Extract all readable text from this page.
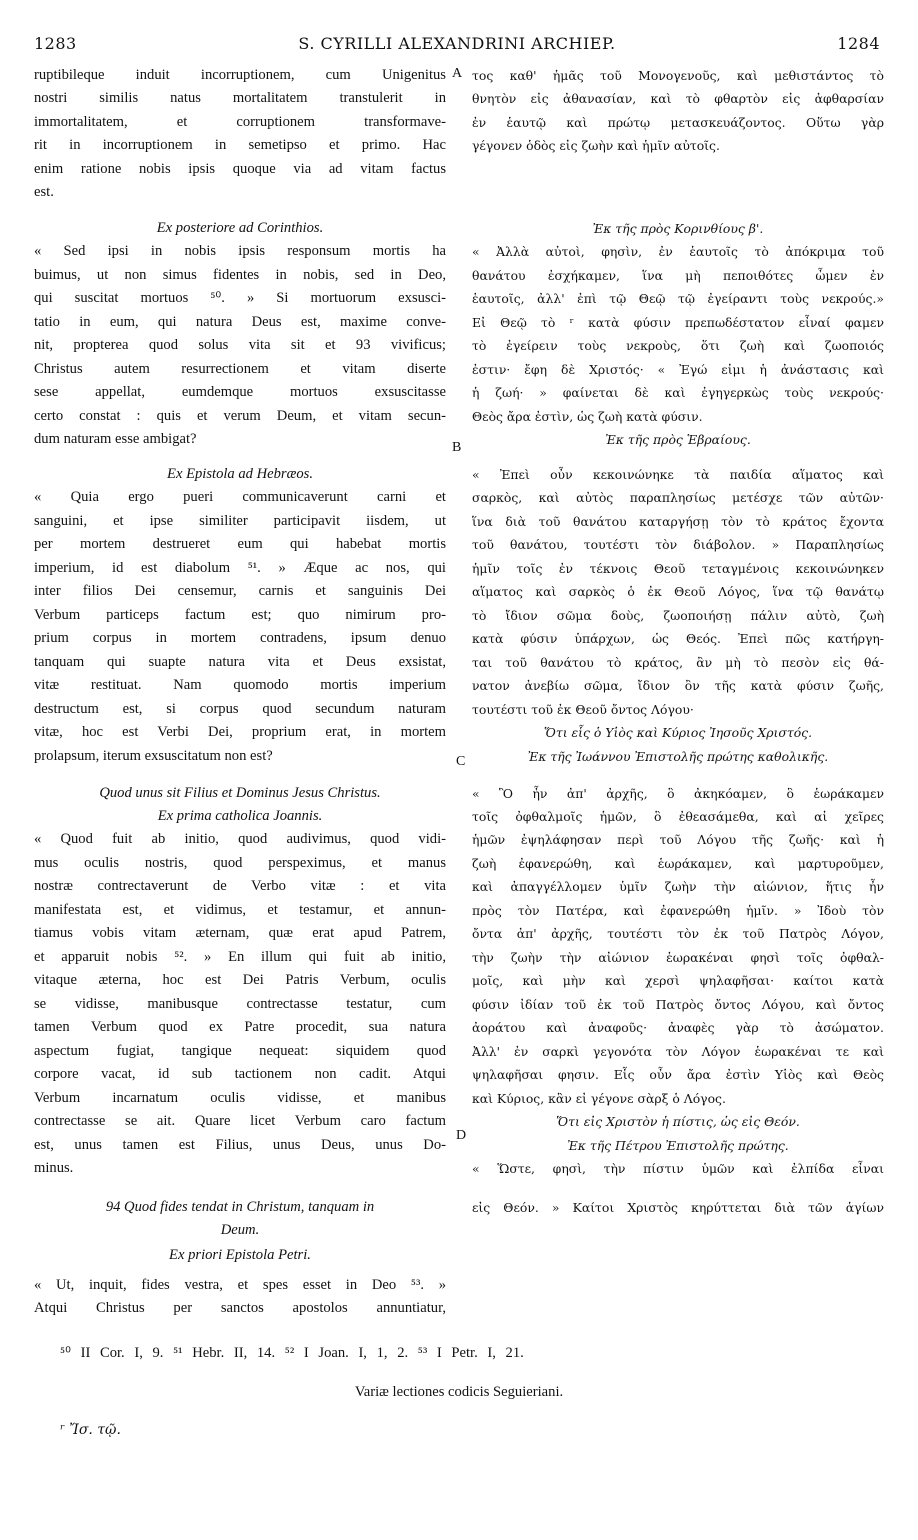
1283	S. CYRILLI ALEXANDRINI ARCHIEP.	1284
ruptibileque induit incorruptionem, cum Unigenitus
nostri similis natus mortalitatem transtulerit in
immortalitatem, et corruptionem transformave-
rit in incorruptionem in semetipso et primo. Hac
enim ratione nobis ipsis quoque via ad vitam factus
est.
Ex posteriore ad Corinthios.
« Sed ipsi in nobis ipsis responsum mortis ha
buimus, ut non simus fidentes in nobis, sed in Deo,
qui suscitat mortuos ⁵⁰. » Si mortuorum exsusci-
tatio in eum, qui natura Deus est, maxime conve-
nit, propterea quod solus vita sit et 93 vivificus;
Christus autem resurrectionem et vitam diserte
sese appellat, eumdemque mortuos exsuscitasse
certo constat : quis et verum Deum, et vitam secun-
dum naturam esse ambigat?
Ex Epistola ad Hebræos.
« Quia ergo pueri communicaverunt carni et
sanguini, et ipse similiter participavit iisdem, ut
per mortem destrueret eum qui habebat mortis
imperium, id est diabolum ⁵¹. » Æque ac nos, qui
inter filios Dei censemur, carnis et sanguinis Dei
Verbum particeps factum est; quo nimirum pro-
prium corpus in mortem contradens, ipsum denuo
tanquam qui suapte natura vita et Deus exsistat,
vitæ restituat. Nam quomodo mortis imperium
destructum est, si corpus quod secundum naturam
vitæ, hoc est Verbi Dei, proprium erat, in mortem
prolapsum, iterum exsuscitatum non est?
Quod unus sit Filius et Dominus Jesus Christus.
Ex prima catholica Joannis.
« Quod fuit ab initio, quod audivimus, quod vidi-
mus oculis nostris, quod perspeximus, et manus
nostræ contrectaverunt de Verbo vitæ : et vita
manifestata est, et vidimus, et testamur, et annun-
tiamus vobis vitam æternam, quæ erat apud Patrem,
et apparuit nobis ⁵². » En illum qui fuit ab initio,
vitaque æterna, hoc est Dei Patris Verbum, oculis
se vidisse, manibusque contrectasse testatur, cum
tamen Verbum quod ex Patre procedit, sua natura
aspectum fugiat, tangique nequeat: siquidem quod
corpore vacat, id sub tactionem non cadit. Atqui
Verbum incarnatum oculis vidisse, et manibus
contrectasse se ait. Quare licet Verbum caro factum
est, unus tamen est Filius, unus Deus, unus Do-
minus.
94 Quod fides tendat in Christum, tanquam in
Deum.
Ex priori Epistola Petri.
« Ut, inquit, fides vestra, et spes esset in Deo ⁵³. »
Atqui Christus per sanctos apostolos annuntiatur,
τος καθ' ἡμᾶς τοῦ Μονογενοῦς, καὶ μεθιστάντος τὸ
θνητὸν εἰς ἀθανασίαν, καὶ τὸ φθαρτὸν εἰς ἀφθαρσίαν
ἐν ἑαυτῷ καὶ πρώτῳ μετασκευάζοντος. Οὕτω γὰρ
γέγονεν ὁδὸς εἰς ζωὴν καὶ ἡμῖν αὐτοῖς.
Ἐκ τῆς πρὸς Κορινθίους β'.
« Ἀλλὰ αὐτοὶ, φησὶν, ἐν ἑαυτοῖς τὸ ἀπόκριμα τοῦ
θανάτου ἐσχήκαμεν, ἵνα μὴ πεποιθότες ὦμεν ἐν
ἑαυτοῖς, ἀλλ' ἐπὶ τῷ Θεῷ τῷ ἐγείραντι τοὺς νεκρούς.»
Εἰ Θεῷ τὸ ʳ κατὰ φύσιν πρεπωδέστατον εἶναί φαμεν
τὸ ἐγείρειν τοὺς νεκροὺς, ὅτι ζωὴ καὶ ζωοποιός
ἐστιν· ἔφη δὲ Χριστός· « Ἐγώ εἰμι ἡ ἀνάστασις καὶ
ἡ ζωή· » φαίνεται δὲ καὶ ἐγηγερκὼς τοὺς νεκρούς·
Θεὸς ἄρα ἐστὶν, ὡς ζωὴ κατὰ φύσιν.
Ἐκ τῆς πρὸς Ἑβραίους.
« Ἐπεὶ οὖν κεκοινώνηκε τὰ παιδία αἵματος καὶ
σαρκὸς, καὶ αὐτὸς παραπλησίως μετέσχε τῶν αὐτῶν·
ἵνα διὰ τοῦ θανάτου καταργήσῃ τὸν τὸ κράτος ἔχοντα
τοῦ θανάτου, τουτέστι τὸν διάβολον. » Παραπλησίως
ἡμῖν τοῖς ἐν τέκνοις Θεοῦ τεταγμένοις κεκοινώνηκεν
αἵματος καὶ σαρκὸς ὁ ἐκ Θεοῦ Λόγος, ἵνα τῷ θανάτῳ
τὸ ἴδιον σῶμα δοὺς, ζωοποιήσῃ πάλιν αὐτὸ, ζωὴ
κατὰ φύσιν ὑπάρχων, ὡς Θεός. Ἐπεὶ πῶς κατήργη-
ται τοῦ θανάτου τὸ κράτος, ἂν μὴ τὸ πεσὸν εἰς θά-
νατον ἀνεβίω σῶμα, ἴδιον ὂν τῆς κατὰ φύσιν ζωῆς,
τουτέστι τοῦ ἐκ Θεοῦ ὄντος Λόγου·
Ὅτι εἷς ὁ Υἱὸς καὶ Κύριος Ἰησοῦς Χριστός.
Ἐκ τῆς Ἰωάννου Ἐπιστολῆς πρώτης καθολικῆς.
« Ὃ ἦν ἀπ' ἀρχῆς, ὃ ἀκηκόαμεν, ὃ ἑωράκαμεν
τοῖς ὀφθαλμοῖς ἡμῶν, ὃ ἐθεασάμεθα, καὶ αἱ χεῖρες
ἡμῶν ἐψηλάφησαν περὶ τοῦ Λόγου τῆς ζωῆς· καὶ ἡ
ζωὴ ἐφανερώθη, καὶ ἑωράκαμεν, καὶ μαρτυροῦμεν,
καὶ ἀπαγγέλλομεν ὑμῖν ζωὴν τὴν αἰώνιον, ἥτις ἦν
πρὸς τὸν Πατέρα, καὶ ἐφανερώθη ἡμῖν. » Ἰδοὺ τὸν
ὄντα ἀπ' ἀρχῆς, τουτέστι τὸν ἐκ τοῦ Πατρὸς Λόγον,
τὴν ζωὴν τὴν αἰώνιον ἑωρακέναι φησὶ τοῖς ὀφθαλ-
μοῖς, καὶ μὴν καὶ χερσὶ ψηλαφῆσαι· καίτοι κατὰ
φύσιν ἰδίαν τοῦ ἐκ τοῦ Πατρὸς ὄντος Λόγου, καὶ ὄντος
ἀοράτου καὶ ἀναφοῦς· ἀναφὲς γὰρ τὸ ἀσώματον.
Ἀλλ' ἐν σαρκὶ γεγονότα τὸν Λόγον ἑωρακέναι τε καὶ
ψηλαφῆσαι φησιν. Εἷς οὖν ἄρα ἐστὶν Υἱὸς καὶ Θεὸς
καὶ Κύριος, κἂν εἰ γέγονε σὰρξ ὁ Λόγος.
Ὅτι εἰς Χριστὸν ἡ πίστις, ὡς εἰς Θεόν.
Ἐκ τῆς Πέτρου Ἐπιστολῆς πρώτης.
« Ὥστε, φησὶ, τὴν πίστιν ὑμῶν καὶ ἐλπίδα εἶναι
εἰς Θεόν. » Καίτοι Χριστὸς κηρύττεται διὰ τῶν ἁγίων
A
B
C
D
⁵⁰ II Cor. I, 9. ⁵¹ Hebr. II, 14. ⁵² I Joan. I, 1, 2. ⁵³ I Petr. I, 21.
Variæ lectiones codicis Seguieriani.
ʳ Ἴσ. τῷ.
